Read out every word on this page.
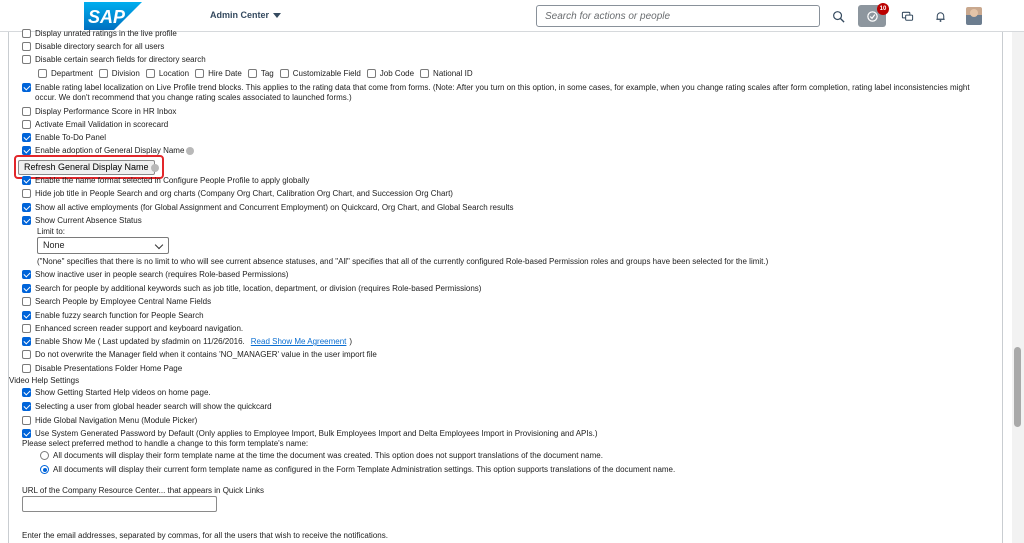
SAP	Admin Center
Search for actions or people
10
Display unrated ratings in the live profile
Disable directory search for all users
Disable certain search fields for directory search
Department Division Location Hire Date Tag Customizable Field Job Code National ID
Enable rating label localization on Live Profile trend blocks. This applies to the rating data that come from forms. (Note: After you turn on this option, in some cases, for example, when you change rating scales after form completion, rating label inconsistencies might occur. We don't recommend that you change rating scales associated to launched forms.)
Display Performance Score in HR Inbox
Activate Email Validation in scorecard
Enable To-Do Panel
Enable adoption of General Display Name
Refresh General Display Name
Enable the name format selected in Configure People Profile to apply globally
Hide job title in People Search and org charts (Company Org Chart, Calibration Org Chart, and Succession Org Chart)
Show all active employments (for Global Assignment and Concurrent Employment) on Quickcard, Org Chart, and Global Search results
Show Current Absence Status
Limit to:
None
("None" specifies that there is no limit to who will see current absence statuses, and "All" specifies that all of the currently configured Role-based Permission roles and groups have been selected for the limit.)
Show inactive user in people search (requires Role-based Permissions)
Search for people by additional keywords such as job title, location, department, or division (requires Role-based Permissions)
Search People by Employee Central Name Fields
Enable fuzzy search function for People Search
Enhanced screen reader support and keyboard navigation.
Enable Show Me ( Last updated by sfadmin on 11/26/2016. Read Show Me Agreement )
Do not overwrite the Manager field when it contains 'NO_MANAGER' value in the user import file
Disable Presentations Folder Home Page
Video Help Settings
Show Getting Started Help videos on home page.
Selecting a user from global header search will show the quickcard
Hide Global Navigation Menu (Module Picker)
Use System Generated Password by Default (Only applies to Employee Import, Bulk Employees Import and Delta Employees Import in Provisioning and APIs.)
Please select preferred method to handle a change to this form template's name:
All documents will display their form template name at the time the document was created. This option does not support translations of the document name.
All documents will display their current form template name as configured in the Form Template Administration settings. This option supports translations of the document name.
URL of the Company Resource Center... that appears in Quick Links
Enter the email addresses, separated by commas, for all the users that wish to receive the notifications.
